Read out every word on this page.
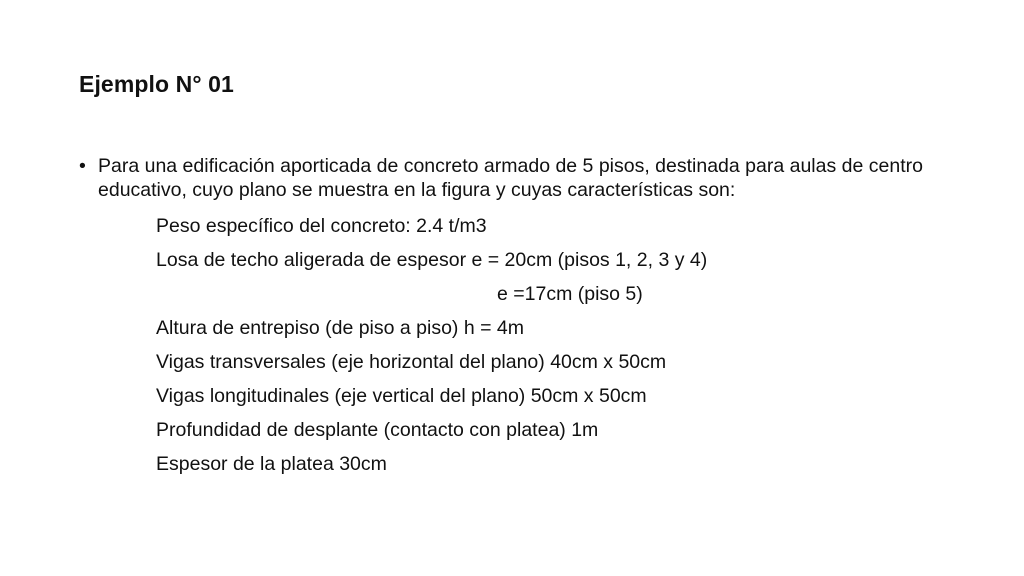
Ejemplo N° 01
• Para una edificación aporticada de concreto armado de 5 pisos, destinada para aulas de centro educativo, cuyo plano se muestra en la figura y cuyas características son:
Peso específico del concreto: 2.4 t/m3
Losa de techo aligerada de espesor e = 20cm (pisos 1, 2, 3 y 4)
e =17cm (piso 5)
Altura de entrepiso (de piso a piso) h = 4m
Vigas transversales (eje horizontal del plano) 40cm x 50cm
Vigas longitudinales (eje vertical del plano) 50cm x 50cm
Profundidad de desplante (contacto con platea) 1m
Espesor de la platea 30cm
